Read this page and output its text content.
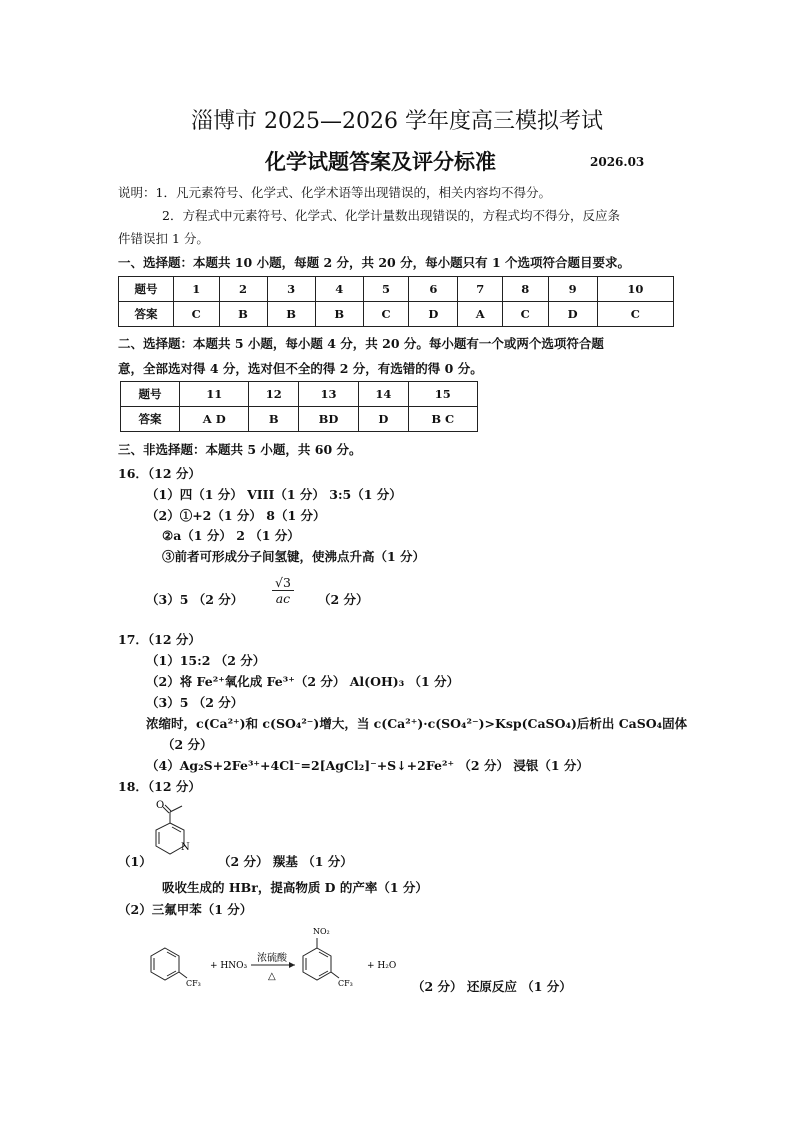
淄博市 2025—2026 学年度高三模拟考试
化学试题答案及评分标准	2026.03
说明：1．凡元素符号、化学式、化学术语等出现错误的，相关内容均不得分。
2．方程式中元素符号、化学式、化学计量数出现错误的，方程式均不得分，反应条
件错误扣 1 分。
一、选择题：本题共 10 小题，每题 2 分，共 20 分，每小题只有 1 个选项符合题目要求。
题号	1	2	3	4	5	6	7	8	9	10
答案	C	B	B	B	C	D	A	C	D	C
二、选择题：本题共 5 小题，每小题 4 分，共 20 分。每小题有一个或两个选项符合题
意，全部选对得 4 分，选对但不全的得 2 分，有选错的得 0 分。
题号	11	12	13	14	15
答案	A D	B	BD	D	B C
三、非选择题：本题共 5 小题，共 60 分。
16．（12 分）
（1）四（1 分） VIII（1 分） 3:5（1 分）
（2）①+2（1 分） 8（1 分）
②a（1 分） 2 （1 分）
③前者可形成分子间氢键，使沸点升高（1 分）
（3）5 （2 分） $\frac{√3}{ac} (2$ 分）
17．（12 分）
（1）15:2 （2 分）
（2）将 Fe²⁺氧化成 Fe³⁺（2 分） Al(OH)₃ （1 分）
（3）5 （2 分）
浓缩时，c(Ca²⁺)和 c(SO₄²⁻)增大，当 c(Ca²⁺)·c(SO₄²⁻)>Ksp(CaSO₄)后析出 CaSO₄固体
（2 分）
（4）Ag₂S+2Fe³⁺+4Cl⁻=2[AgCl₂]⁻+S↓+2Fe²⁺ （2 分） 浸银（1 分）
18．（12 分）
O
N
（1）	（2 分） 羰基 （1 分）
吸收生成的 HBr，提高物质 D 的产率（1 分）
（2）三氟甲苯（1 分）
CF₃
+ HNO₃
浓硫酸
△
NO₂
CF₃
+ H₂O
（2 分） 还原反应 （1 分）
